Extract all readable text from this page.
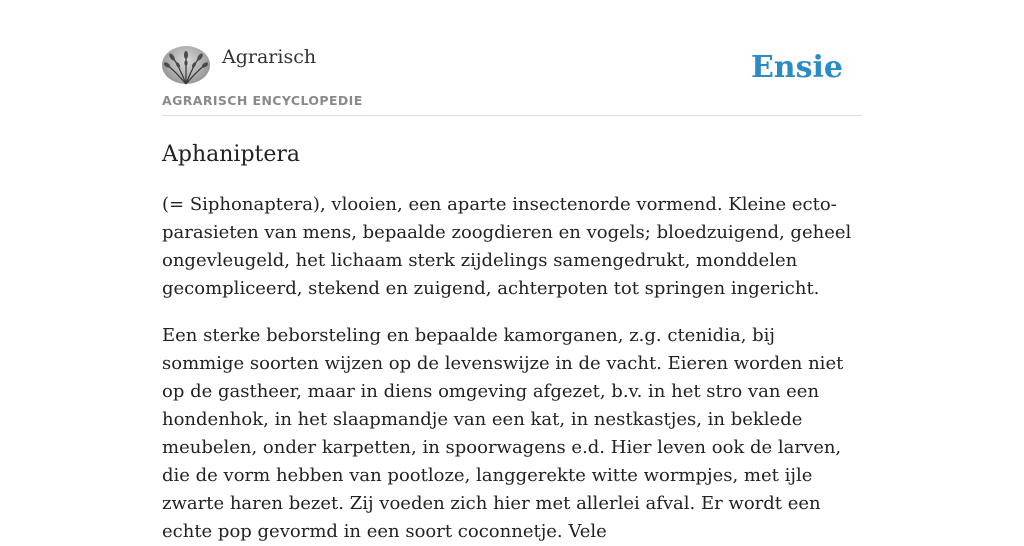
Agrarisch
AGRARISCH ENCYCLOPEDIE
Ensie
Aphaniptera

(= Siphonaptera), vlooien, een aparte insectenorde vormend. Kleine ecto-parasieten van mens, bepaalde zoogdieren en vogels; bloedzuigend, geheel ongevleugeld, het lichaam sterk zijdelings samengedrukt, monddelen gecompliceerd, stekend en zuigend, achterpoten tot springen ingericht.

Een sterke beborsteling en bepaalde kamorganen, z.g. ctenidia, bij sommige soorten wijzen op de levenswijze in de vacht. Eieren worden niet op de gastheer, maar in diens omgeving afgezet, b.v. in het stro van een hondenhok, in het slaapmandje van een kat, in nestkastjes, in beklede meubelen, onder karpetten, in spoorwagens e.d. Hier leven ook de larven, die de vorm hebben van pootloze, langgerekte witte wormpjes, met ijle zwarte haren bezet. Zij voeden zich hier met allerlei afval. Er wordt een echte pop gevormd in een soort coconnetje. Vele
